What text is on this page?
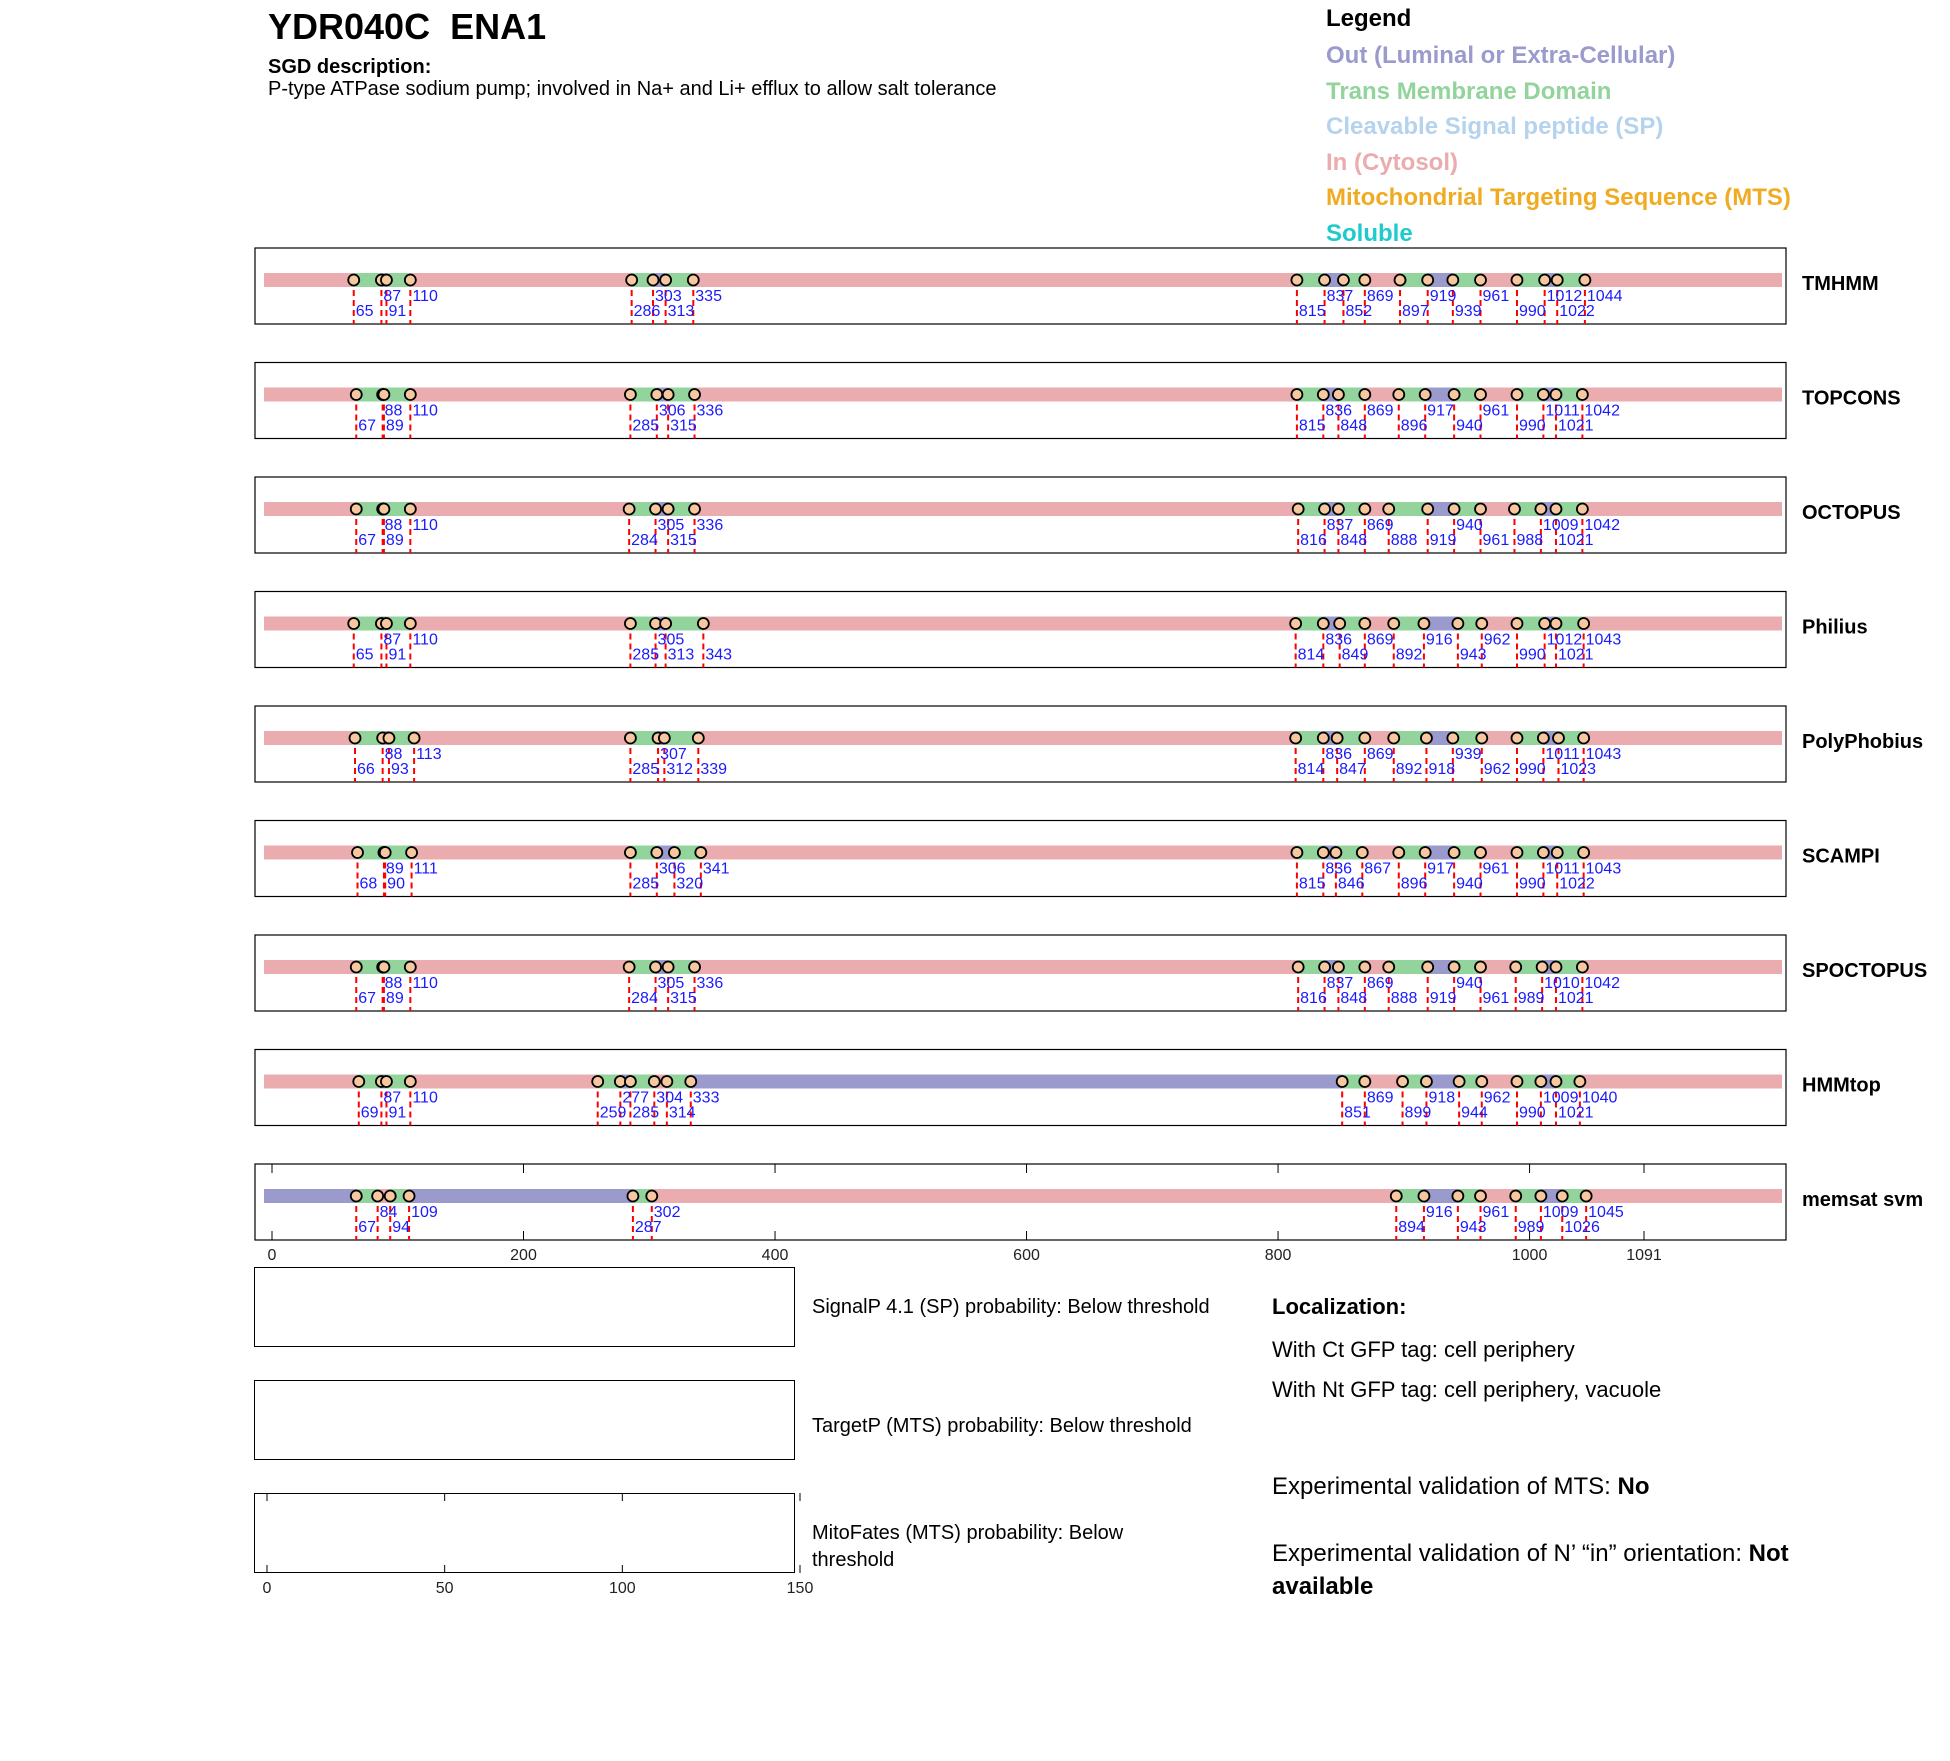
YDR040C  ENA1
SGD description:
P-type ATPase sodium pump; involved in Na+ and Li+ efflux to allow salt tolerance
Legend
Out (Luminal or Extra-Cellular)
Trans Membrane Domain
Cleavable Signal peptide (SP)
In (Cytosol)
Mitochondrial Targeting Sequence (MTS)
Soluble
87 110	303 335	837 869 919 961 1012 1044
65 91	286 313	815 852 897 939 990 1022
TMHMM
88 110	306 336	836 869 917 961 1011 1042
67 89	285 315	815 848 896 940 990 1021
TOPCONS
88 110	305 336	837 869	940	1009 1042
67 89	284 315	816 848 888 919 961 988 1021
OCTOPUS
87 110	305	836 869 916 962 1012 1043
65 91	285 313 343	814 849 892 943 990 1021
Philius
88 113	307	836 869	939	1011 1043
66 93	285 312 339	814 847 892 918 962 990 1023
PolyPhobius
89 111	306 341	836 867 917 961 1011 1043
68 90	285 320	815 846 896 940 990 1022
SCAMPI
88 110	305 336	837 869	940	1010 1042
67 89	284 315	816 848 888 919 961 989 1021
SPOCTOPUS
87 110	277 304 333	869 918 962 1009 1040
69 91	259 285 314	851 899 944 990 1021
HMMtop
84 109	302	916 961 1009 1045
67 94	287	894 943 989 1026
memsat svm
0	200	400	600	800	1000	1091
0	50	100	150
SignalP 4.1 (SP) probability: Below threshold
TargetP (MTS) probability: Below threshold
MitoFates (MTS) probability: Below
threshold
Localization:
With Ct GFP tag: cell periphery
With Nt GFP tag: cell periphery, vacuole
Experimental validation of MTS: No
Experimental validation of N’ “in” orientation: Not
available
